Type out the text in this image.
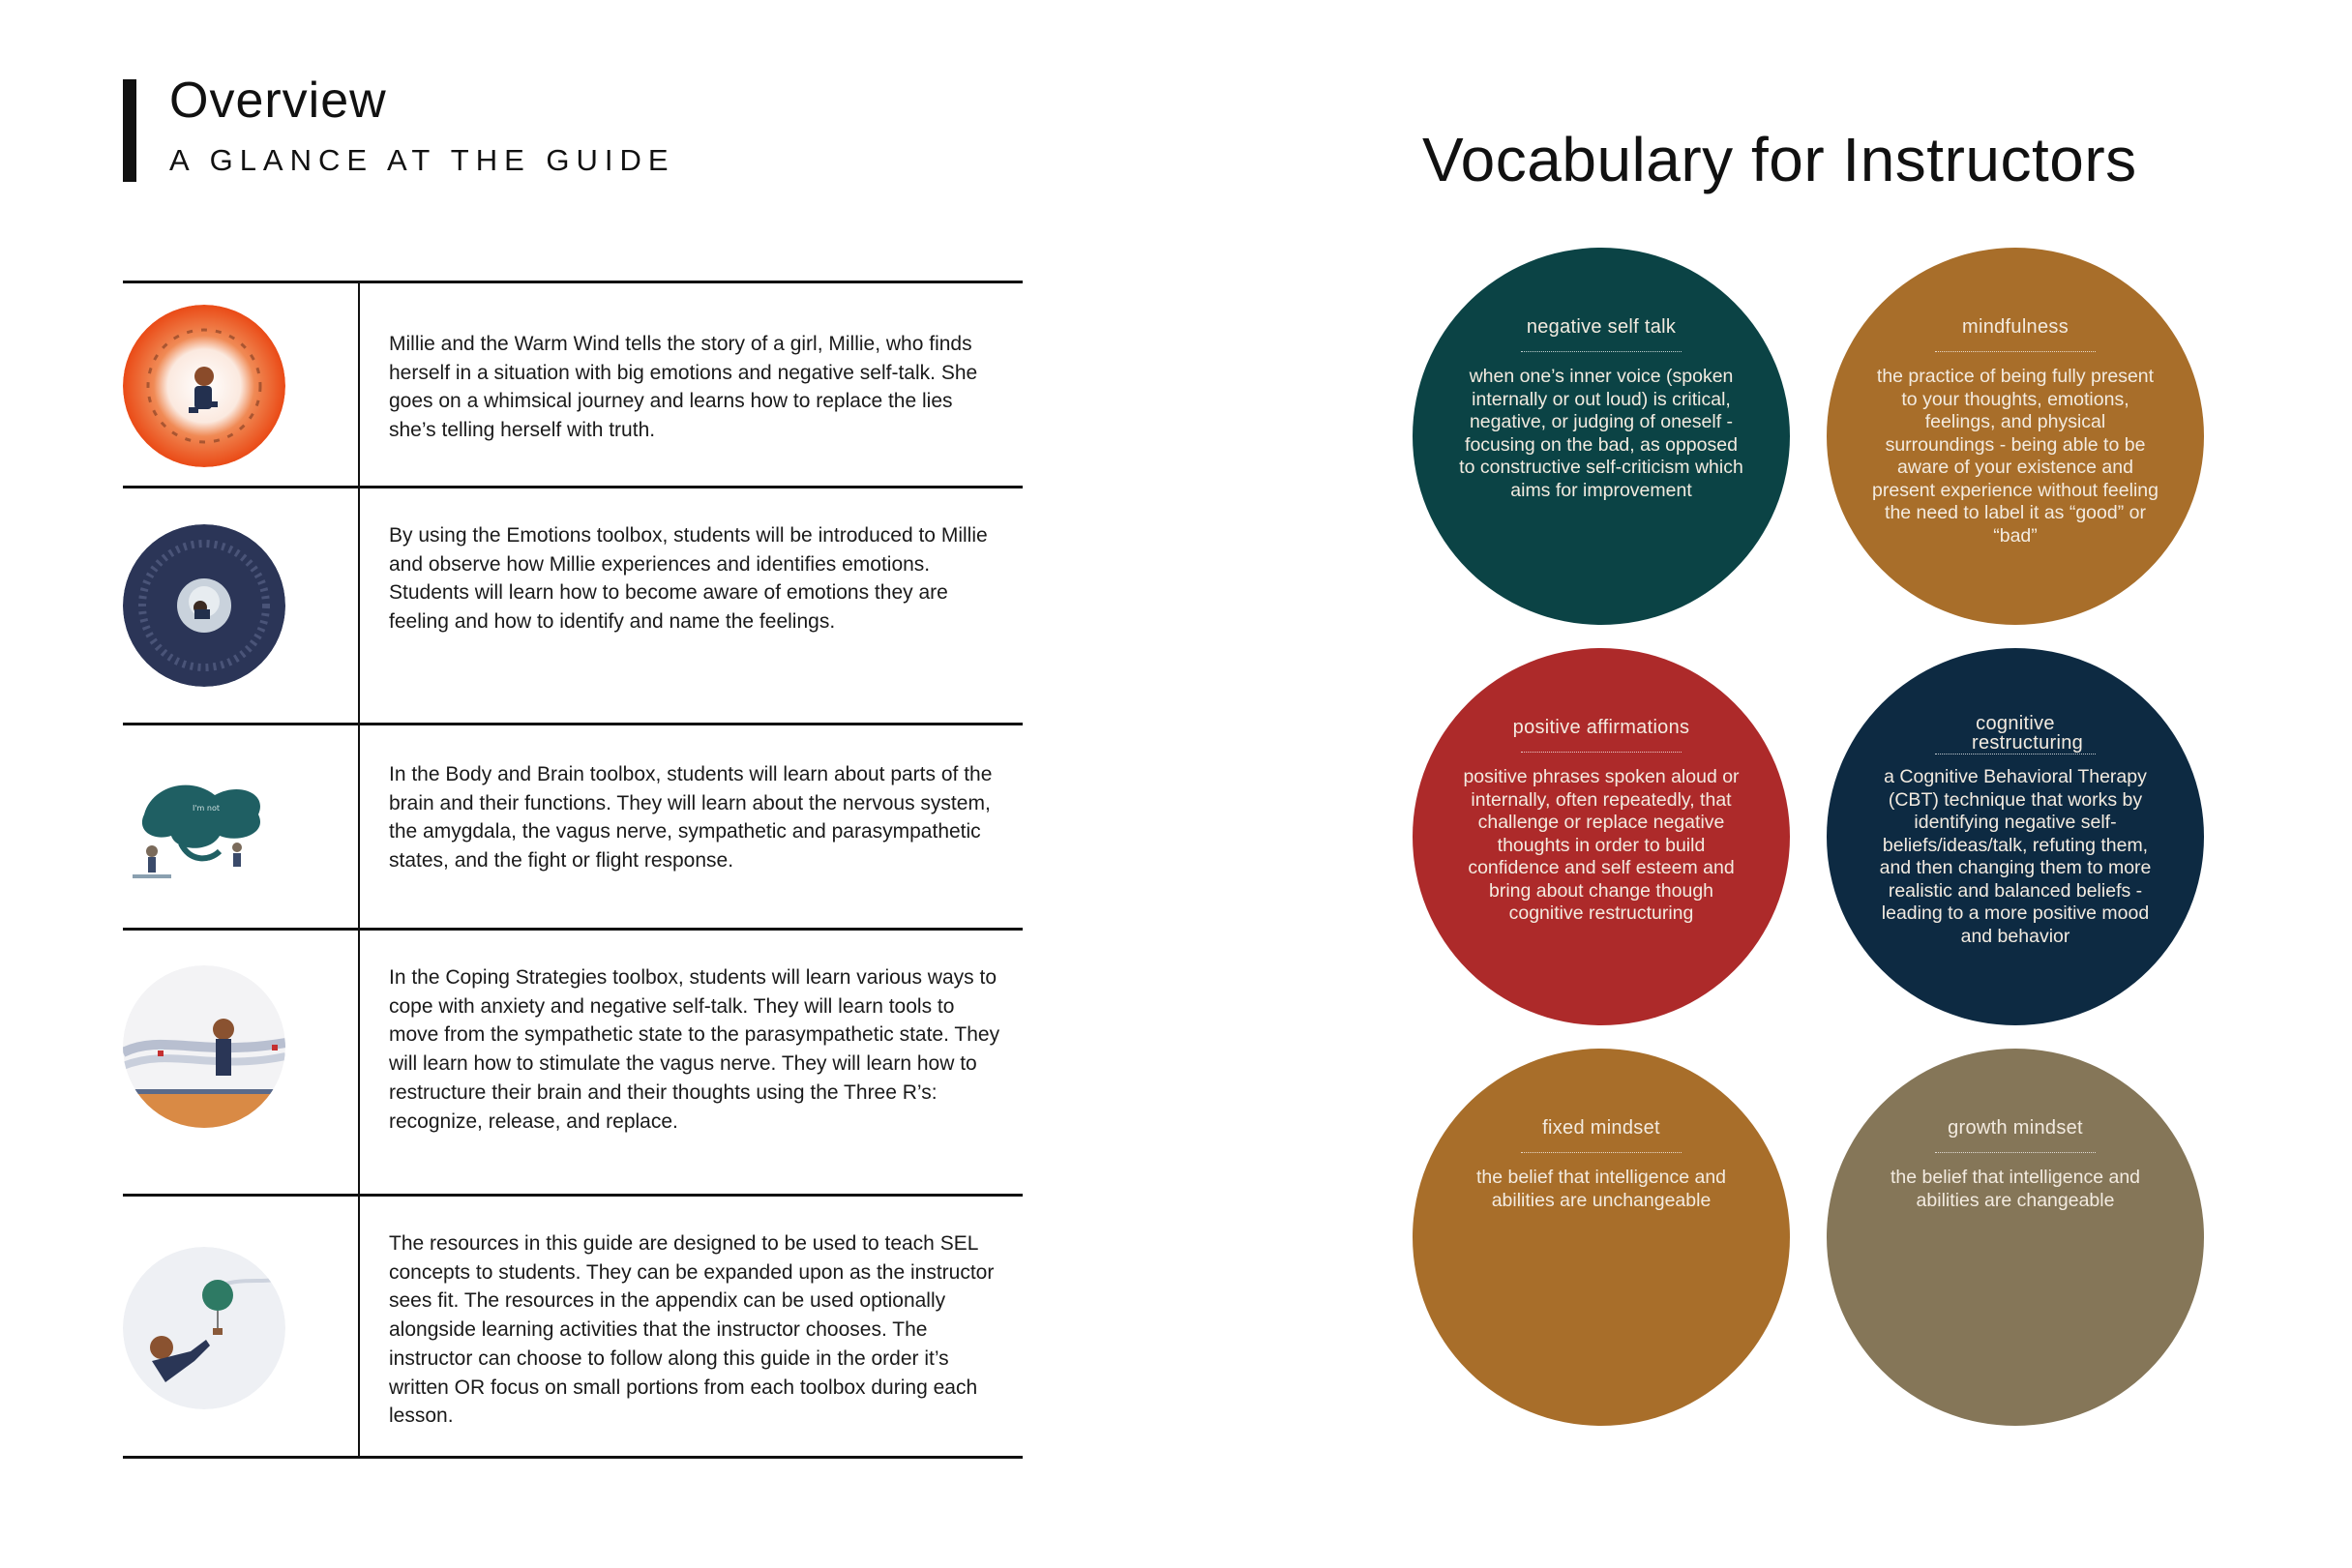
Overview
A GLANCE AT THE GUIDE
Millie and the Warm Wind tells the story of a girl, Millie, who finds herself in a situation with big emotions and negative self-talk. She goes on a whimsical journey and learns how to replace the lies she’s telling herself with truth.
By using the Emotions toolbox, students will be introduced to Millie and observe how Millie experiences and identifies emotions. Students will learn how to become aware of emotions they are feeling and how to identify and name the feelings.
I'm not
In the Body and Brain toolbox, students will learn about parts of the brain and their functions. They will learn about the nervous system, the amygdala, the vagus nerve, sympathetic and parasympathetic states, and the fight or flight response.
In the Coping Strategies toolbox, students will learn various ways to cope with anxiety and negative self-talk. They will learn tools to move from the sympathetic state to the parasympathetic state. They will learn how to stimulate the vagus nerve. They will learn how to restructure their brain and their thoughts using the Three R’s: recognize, release, and replace.
The resources in this guide are designed to be used to teach SEL concepts to students. They can be expanded upon as the instructor sees fit. The resources in the appendix can be used optionally alongside learning activities that the instructor chooses. The instructor can choose to follow along this guide in the order it’s written OR focus on small portions from each toolbox during each lesson.
Vocabulary for Instructors
negative self talk
when one’s inner voice (spoken internally or out loud) is critical, negative, or judging of oneself - focusing on the bad, as opposed to constructive self-criticism which aims for improvement
mindfulness
the practice of being fully present to your thoughts, emotions, feelings, and physical surroundings - being able to be aware of your existence and present experience without feeling the need to label it as “good” or “bad”
positive affirmations
positive phrases spoken aloud or internally, often repeatedly, that challenge or replace negative thoughts in order to build confidence and self esteem and bring about change though cognitive restructuring
cognitive restructuring
a Cognitive Behavioral Therapy (CBT) technique that works by identifying negative self-beliefs/ideas/talk, refuting them, and then changing them to more realistic and balanced beliefs - leading to a more positive mood and behavior
fixed mindset
the belief that intelligence and abilities are unchangeable
growth mindset
the belief that intelligence and abilities are changeable
